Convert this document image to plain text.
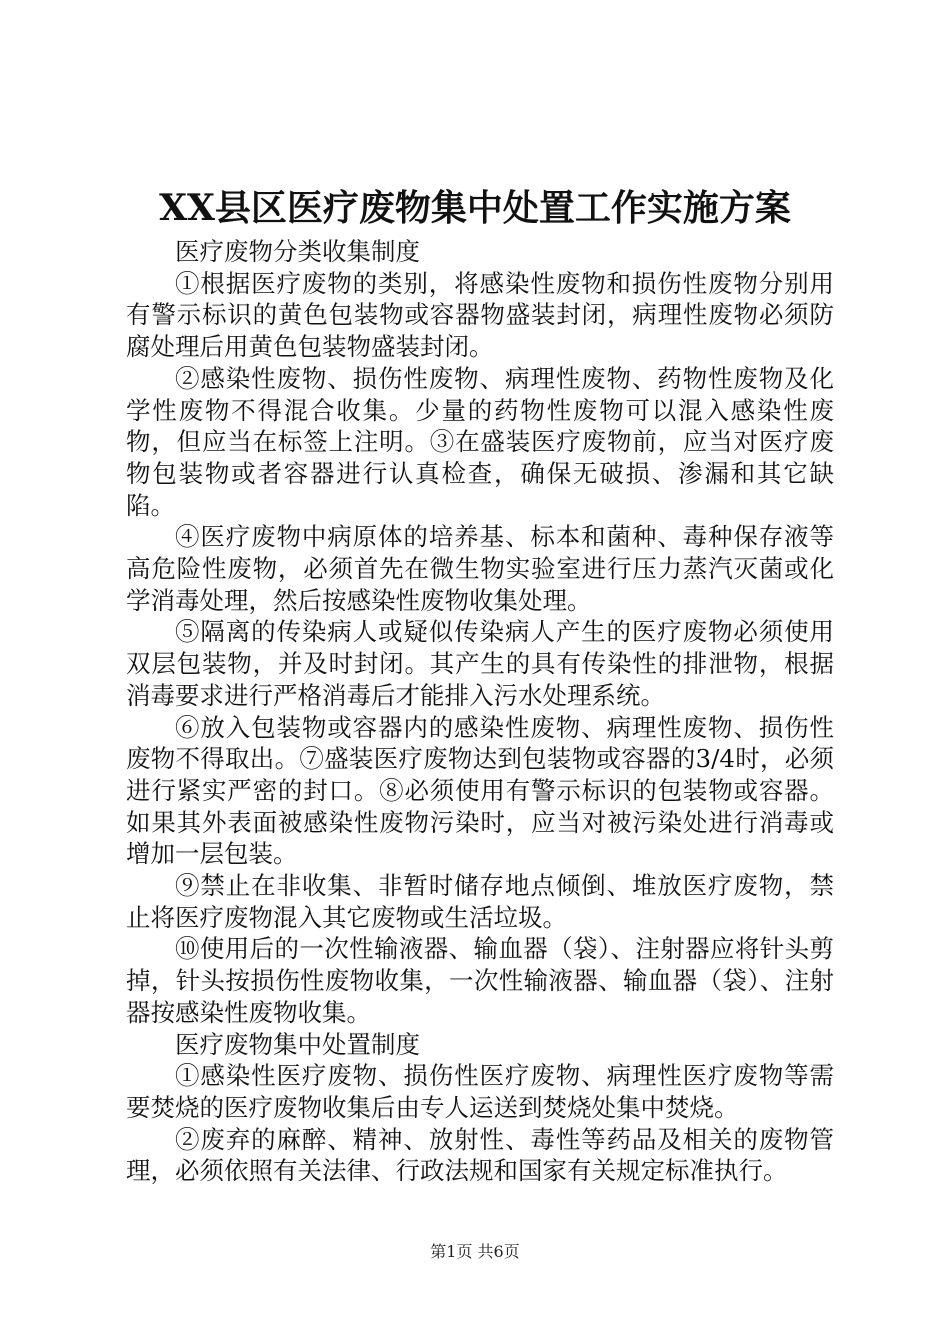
XX县区医疗废物集中处置工作实施方案

医疗废物分类收集制度

①根据医疗废物的类别，将感染性废物和损伤性废物分别用有警示标识的黄色包装物或容器物盛装封闭，病理性废物必须防腐处理后用黄色包装物盛装封闭。

②感染性废物、损伤性废物、病理性废物、药物性废物及化学性废物不得混合收集。少量的药物性废物可以混入感染性废物，但应当在标签上注明。③在盛装医疗废物前，应当对医疗废物包装物或者容器进行认真检查，确保无破损、渗漏和其它缺陷。

④医疗废物中病原体的培养基、标本和菌种、毒种保存液等高危险性废物，必须首先在微生物实验室进行压力蒸汽灭菌或化学消毒处理，然后按感染性废物收集处理。

⑤隔离的传染病人或疑似传染病人产生的医疗废物必须使用双层包装物，并及时封闭。其产生的具有传染性的排泄物，根据消毒要求进行严格消毒后才能排入污水处理系统。

⑥放入包装物或容器内的感染性废物、病理性废物、损伤性废物不得取出。⑦盛装医疗废物达到包装物或容器的3/4时，必须进行紧实严密的封口。⑧必须使用有警示标识的包装物或容器。如果其外表面被感染性废物污染时，应当对被污染处进行消毒或增加一层包装。

⑨禁止在非收集、非暂时储存地点倾倒、堆放医疗废物，禁止将医疗废物混入其它废物或生活垃圾。

⑩使用后的一次性输液器、输血器（袋）、注射器应将针头剪掉，针头按损伤性废物收集，一次性输液器、输血器（袋）、注射器按感染性废物收集。

医疗废物集中处置制度

①感染性医疗废物、损伤性医疗废物、病理性医疗废物等需要焚烧的医疗废物收集后由专人运送到焚烧处集中焚烧。

②废弃的麻醉、精神、放射性、毒性等药品及相关的废物管理，必须依照有关法律、行政法规和国家有关规定标准执行。

第1页 共6页
